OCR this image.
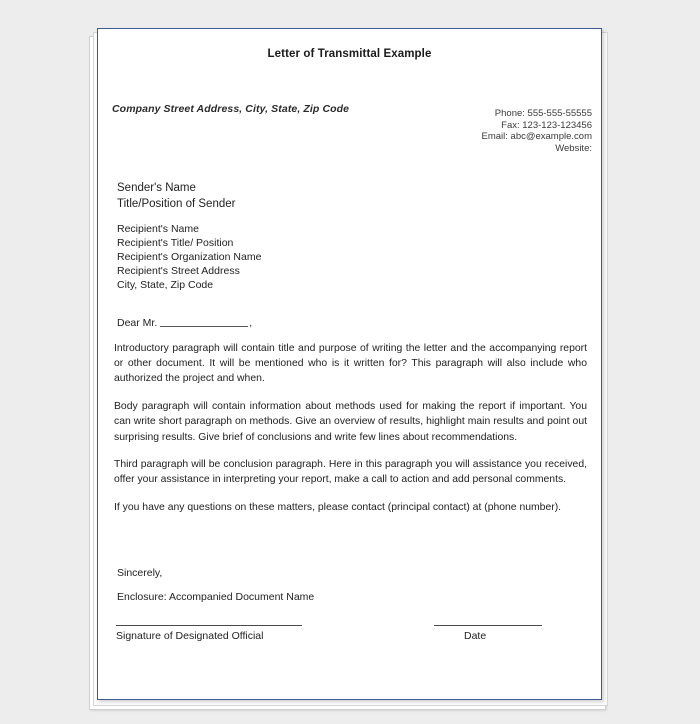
Letter of Transmittal Example
Company Street Address, City, State, Zip Code	Phone: 555-555-55555
Fax: 123-123-123456
Email: abc@example.com
Website:
Sender's Name
Title/Position of Sender
Recipient's Name
Recipient's Title/ Position
Recipient's Organization Name
Recipient's Street Address
City, State, Zip Code
Dear Mr.	,

Introductory paragraph will contain title and purpose of writing the letter and the accompanying report or other document. It will be mentioned who is it written for? This paragraph will also include who authorized the project and when.

Body paragraph will contain information about methods used for making the report if important. You can write short paragraph on methods. Give an overview of results, highlight main results and point out surprising results. Give brief of conclusions and write few lines about recommendations.

Third paragraph will be conclusion paragraph. Here in this paragraph you will assistance you received, offer your assistance in interpreting your report, make a call to action and add personal comments.

If you have any questions on these matters, please contact (principal contact) at (phone number).

Sincerely,
Enclosure: Accompanied Document Name
Signature of Designated Official	Date
